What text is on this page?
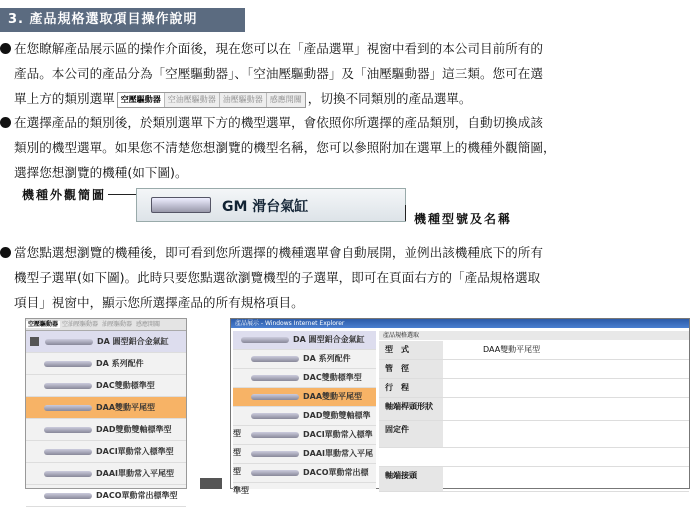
3. 產品規格選取項目操作說明
在您瞭解產品展示區的操作介面後，現在您可以在「產品選單」視窗中看到的本公司目前所有的
產品。本公司的產品分為「空壓驅動器」、「空油壓驅動器」及「油壓驅動器」這三類。您可在選
單上方的類別選單 空壓驅動器 空油壓驅動器 油壓驅動器 感應開關 ，切換不同類別的產品選單。
在選擇產品的類別後，於類別選單下方的機型選單，會依照你所選擇的產品類別，自動切換成該
類別的機型選單。如果您不清楚您想瀏覽的機型名稱，您可以參照附加在選單上的機種外觀簡圖，
選擇您想瀏覽的機種(如下圖)。
機種外觀簡圖
GM 滑台氣缸
機種型號及名稱
當您點選想瀏覽的機種後，即可看到您所選擇的機種選單會自動展開，並例出該機種底下的所有
機型子選單(如下圖)。此時只要您點選欲瀏覽機型的子選單，即可在頁面右方的「產品規格選取
項目」視窗中，顯示您所選擇產品的所有規格項目。
空壓驅動器 空油壓驅動器 油壓驅動器 感應開關
DA 圓型鋁合金氣缸
DA 系列配件
DAC雙動標準型
DAA雙動平尾型
DAD雙動雙軸標準型
DACI單動常入標準型
DAAI單動常入平尾型
DACO單動常出標準型
產品展示 - Windows Internet Explorer
DA 圓型鋁合金氣缸
DA 系列配件
DAC雙動標準型
DAA雙動平尾型
DAD雙動雙軸標準型	DACI單動常入標準型	DAAI單動常入平尾型	DACO單動常出標準型
產品規格選取
型　式	DAA雙動平尾型
管　徑
行　程
軸端桿頭形狀
固定件
軸端接頭
